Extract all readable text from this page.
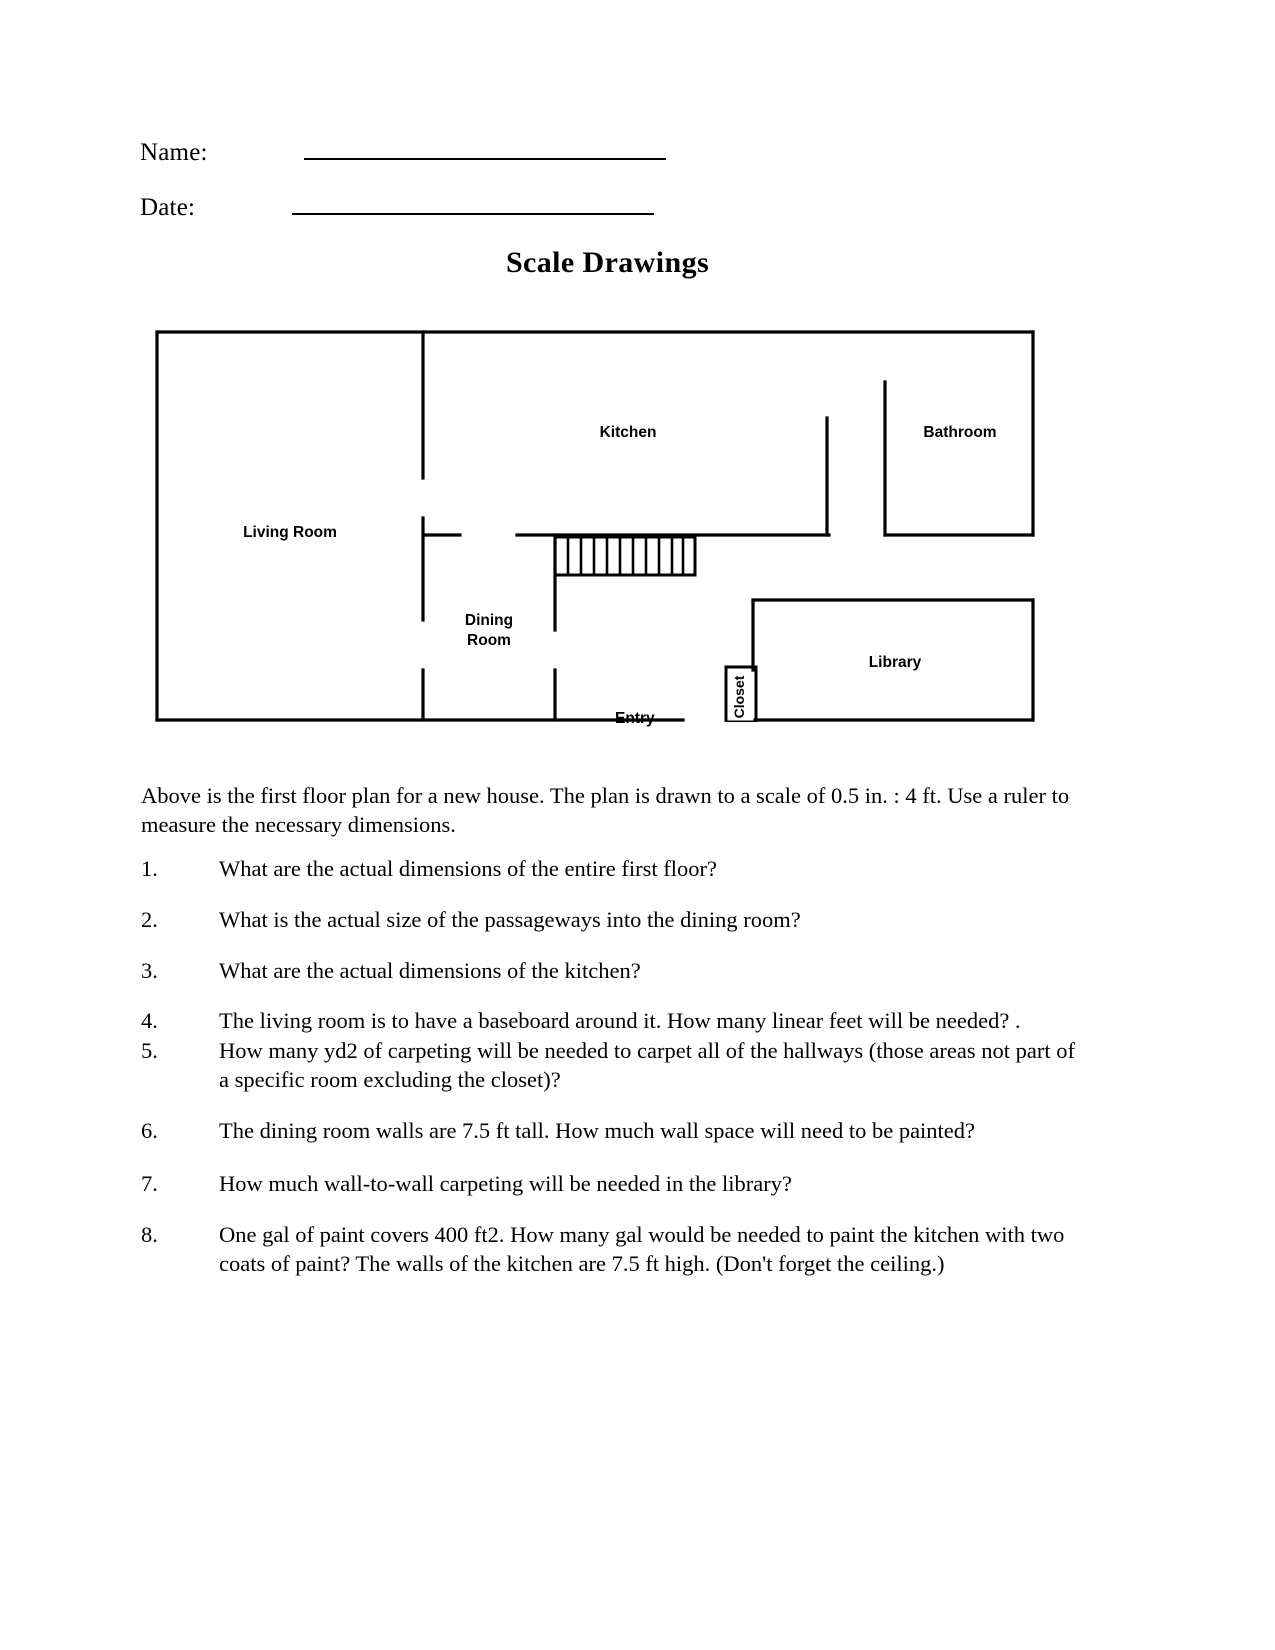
Name:
Date:
Scale Drawings
Living Room
Kitchen	Bathroom
Dining
Room
Library
Closet
Entry
Above is the first floor plan for a new house. The plan is drawn to a scale of 0.5 in. : 4 ft. Use a ruler to measure the necessary dimensions.
1.	What are the actual dimensions of the entire first floor?
2.	What is the actual size of the passageways into the dining room?
3.	What are the actual dimensions of the kitchen?
4.	The living room is to have a baseboard around it. How many linear feet will be needed? .
5.	How many yd2 of carpeting will be needed to carpet all of the hallways (those areas not part of a specific room excluding the closet)?
6.	The dining room walls are 7.5 ft tall. How much wall space will need to be painted?
7.	How much wall-to-wall carpeting will be needed in the library?
8.	One gal of paint covers 400 ft2. How many gal would be needed to paint the kitchen with two coats of paint? The walls of the kitchen are 7.5 ft high. (Don't forget the ceiling.)
